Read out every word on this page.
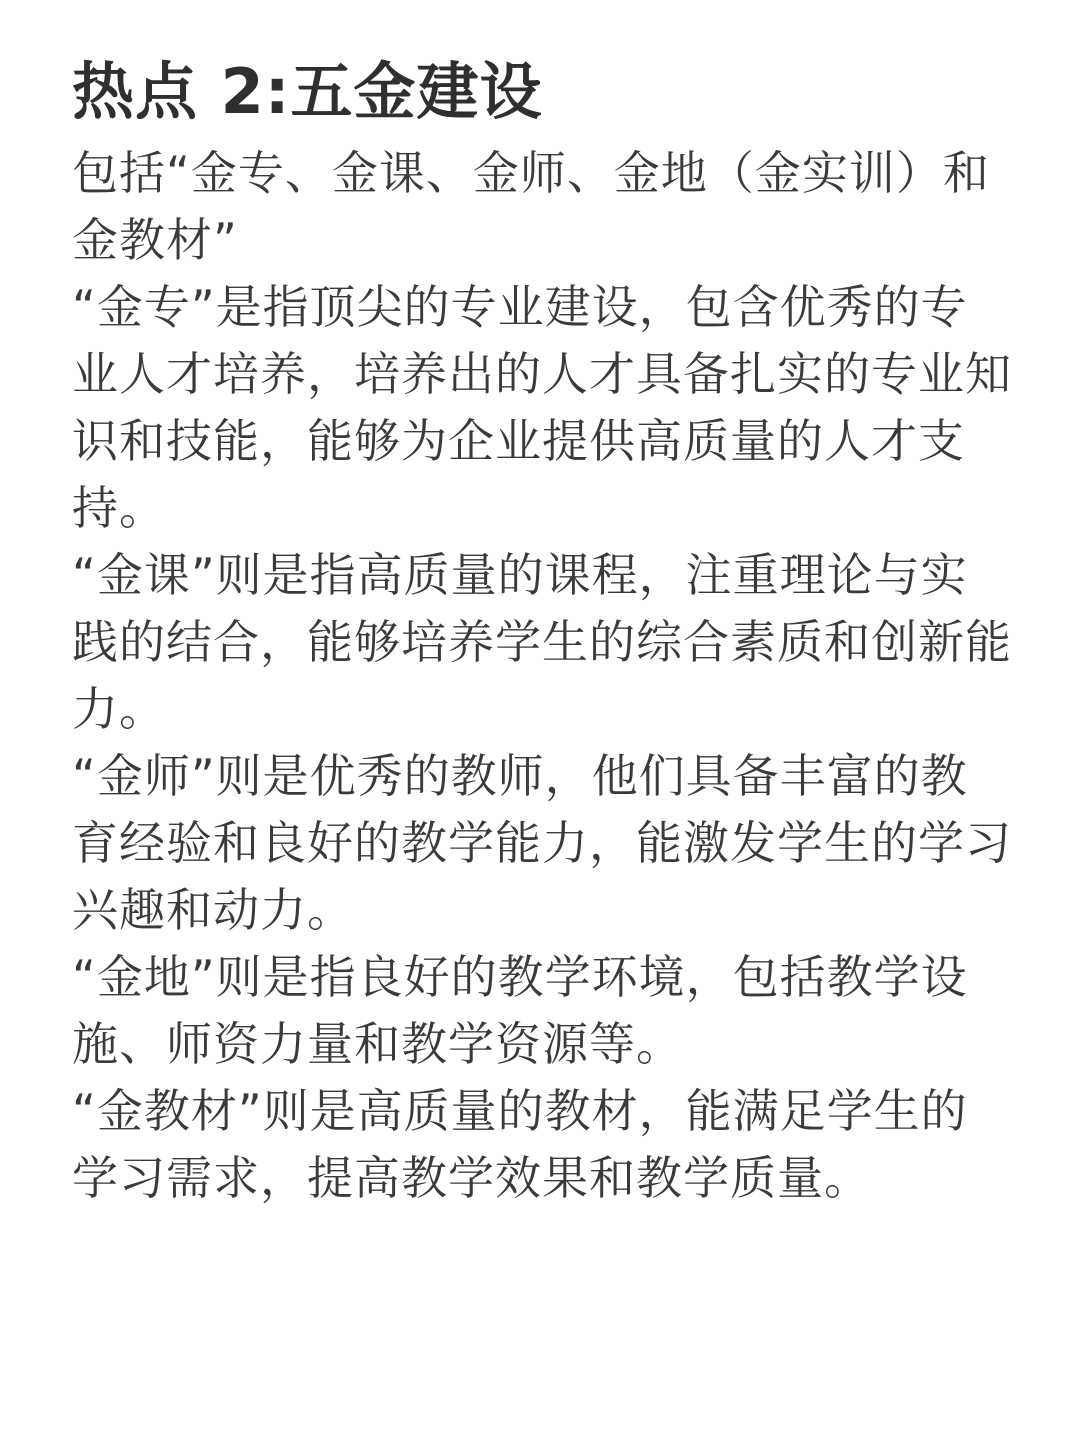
热点 2:五金建设

包括“金专、金课、金师、金地（金实训）和金教材”

“金专”是指顶尖的专业建设，包含优秀的专业人才培养，培养出的人才具备扎实的专业知识和技能，能够为企业提供高质量的人才支持。

“金课”则是指高质量的课程，注重理论与实践的结合，能够培养学生的综合素质和创新能力。

“金师”则是优秀的教师，他们具备丰富的教育经验和良好的教学能力，能激发学生的学习兴趣和动力。

“金地”则是指良好的教学环境，包括教学设施、师资力量和教学资源等。

“金教材”则是高质量的教材，能满足学生的学习需求，提高教学效果和教学质量。
